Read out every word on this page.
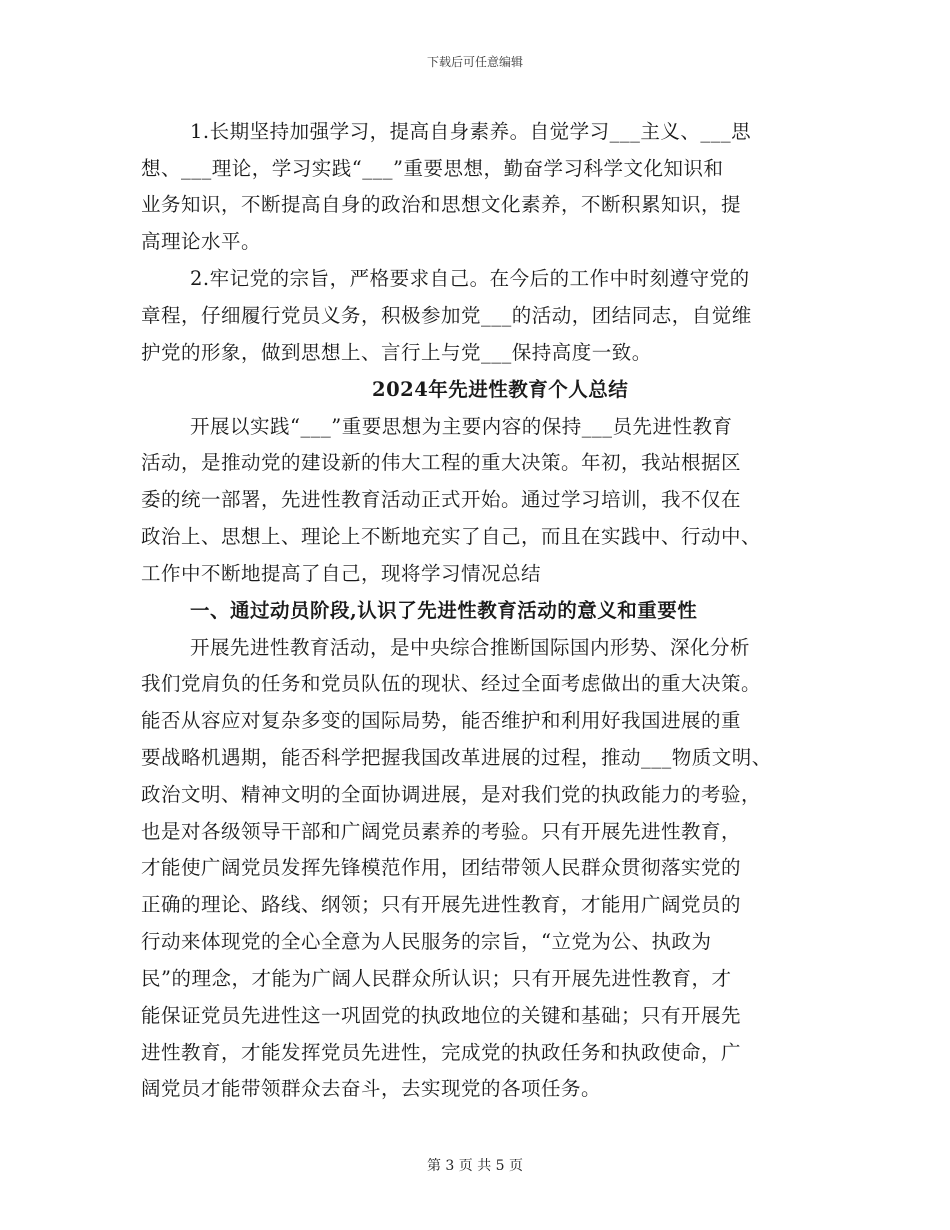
下载后可任意编辑
1.长期坚持加强学习，提高自身素养。自觉学习___主义、___思
想、___理论，学习实践“___”重要思想，勤奋学习科学文化知识和
业务知识，不断提高自身的政治和思想文化素养，不断积累知识，提
高理论水平。
2.牢记党的宗旨，严格要求自己。在今后的工作中时刻遵守党的
章程，仔细履行党员义务，积极参加党___的活动，团结同志，自觉维
护党的形象，做到思想上、言行上与党___保持高度一致。
2024年先进性教育个人总结
开展以实践“___”重要思想为主要内容的保持___员先进性教育
活动，是推动党的建设新的伟大工程的重大决策。年初，我站根据区
委的统一部署，先进性教育活动正式开始。通过学习培训，我不仅在
政治上、思想上、理论上不断地充实了自己，而且在实践中、行动中、
工作中不断地提高了自己，现将学习情况总结
一、通过动员阶段,认识了先进性教育活动的意义和重要性
开展先进性教育活动，是中央综合推断国际国内形势、深化分析
我们党肩负的任务和党员队伍的现状、经过全面考虑做出的重大决策。
能否从容应对复杂多变的国际局势，能否维护和利用好我国进展的重
要战略机遇期，能否科学把握我国改革进展的过程，推动___物质文明、
政治文明、精神文明的全面协调进展，是对我们党的执政能力的考验，
也是对各级领导干部和广阔党员素养的考验。只有开展先进性教育，
才能使广阔党员发挥先锋模范作用，团结带领人民群众贯彻落实党的
正确的理论、路线、纲领；只有开展先进性教育，才能用广阔党员的
行动来体现党的全心全意为人民服务的宗旨，“立党为公、执政为
民”的理念，才能为广阔人民群众所认识；只有开展先进性教育，才
能保证党员先进性这一巩固党的执政地位的关键和基础；只有开展先
进性教育，才能发挥党员先进性，完成党的执政任务和执政使命，广
阔党员才能带领群众去奋斗，去实现党的各项任务。
第 3 页 共 5 页
